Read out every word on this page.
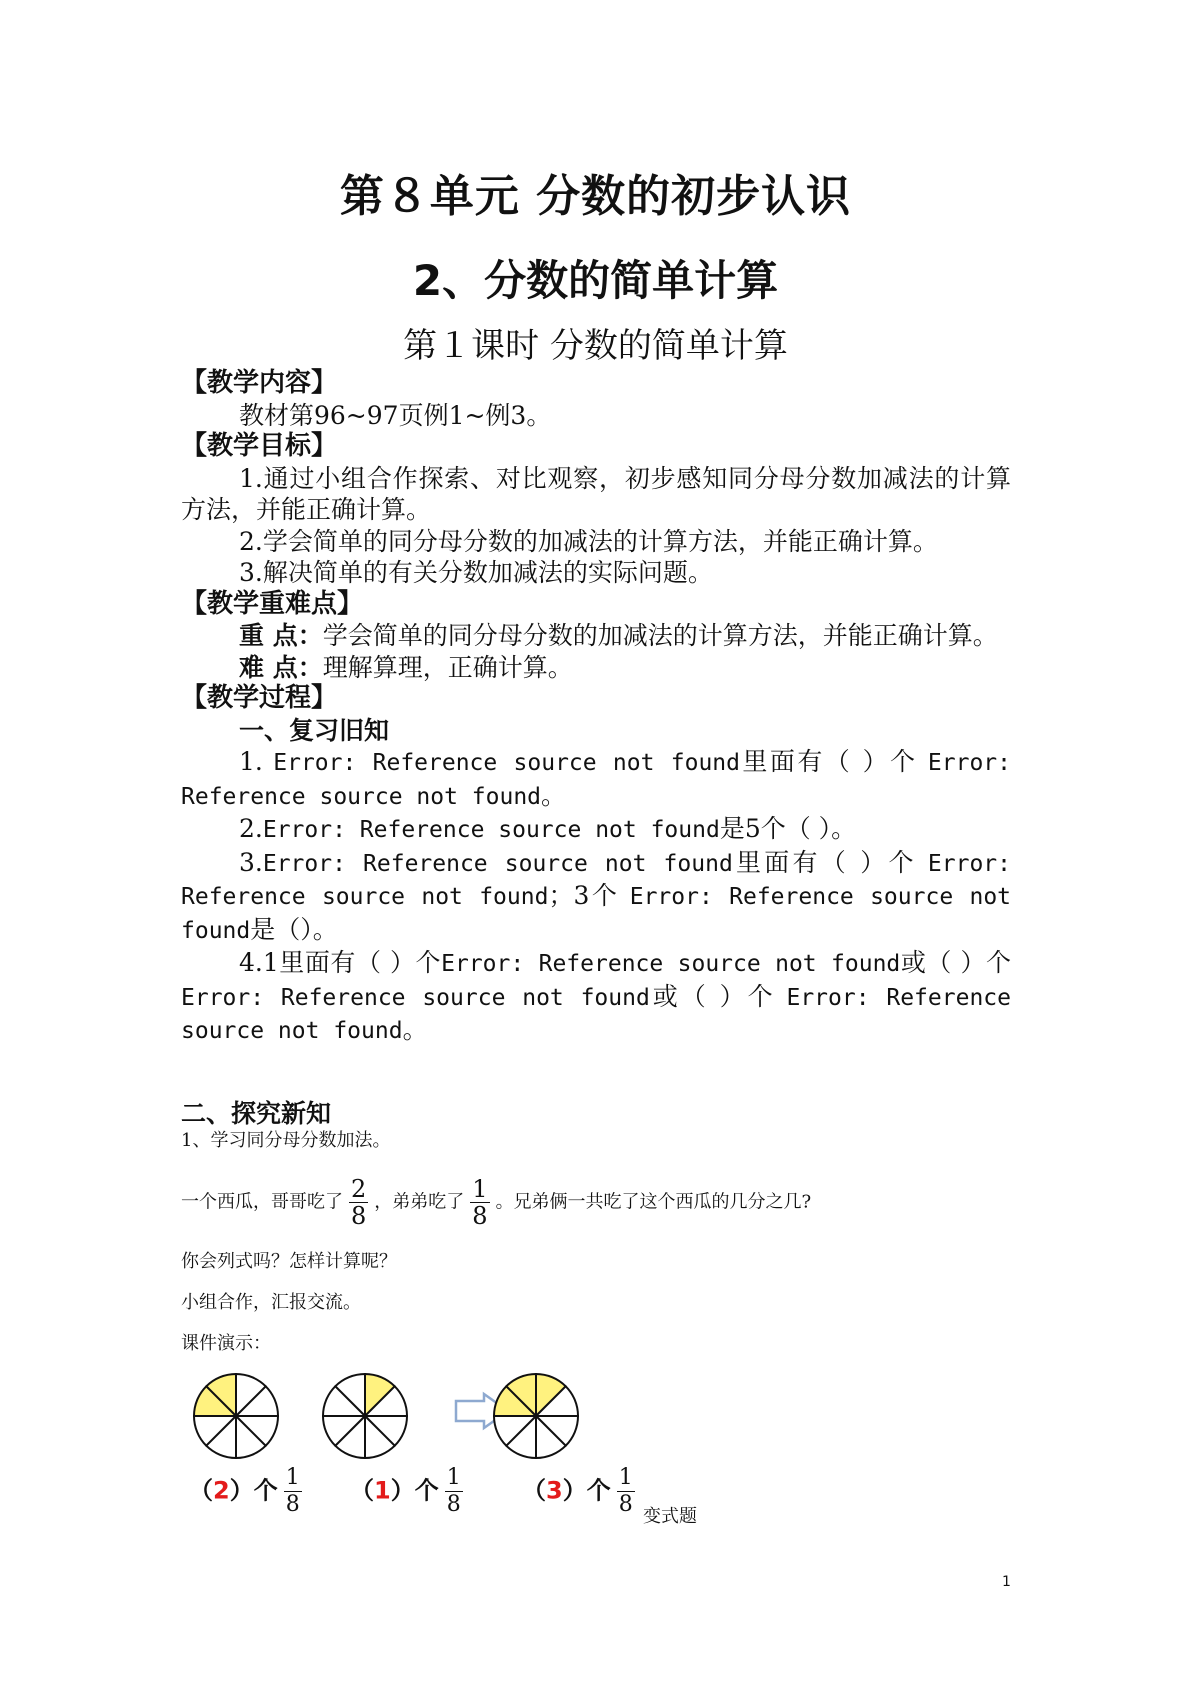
第８单元 分数的初步认识
2、分数的简单计算
第１课时 分数的简单计算

【教学内容】

教材第96~97页例1~例3。

【教学目标】

1.通过小组合作探索、对比观察，初步感知同分母分数加减法的计算方法，并能正确计算。

2.学会简单的同分母分数的加减法的计算方法，并能正确计算。

3.解决简单的有关分数加减法的实际问题。

【教学重难点】

重 点：学会简单的同分母分数的加减法的计算方法，并能正确计算。

难 点：理解算理，正确计算。

【教学过程】

一、复习旧知

1. Error: Reference source not found里面有（ ）个 Error: Reference source not found。

2.Error: Reference source not found是5个（ ）。

3.Error: Reference source not found里面有（ ）个 Error: Reference source not found；3个 Error: Reference source not found是（）。

4.1里面有（ ）个Error: Reference source not found或（ ）个 Error: Reference source not found或（ ）个 Error: Reference source not found。

二、探究新知
1、学习同分母分数加法。
一个西瓜，哥哥吃了 $\frac{2}{8}$ ，弟弟吃了 $\frac{1}{8}$ 。兄弟俩一共吃了这个西瓜的几分之几?
你会列式吗？怎样计算呢？
小组合作，汇报交流。
课件演示：
（2）个 $\frac{1}{8} (1)$个 $\frac{1}{8} (3)$个 $\frac{1}{8}$ 变式题
1
